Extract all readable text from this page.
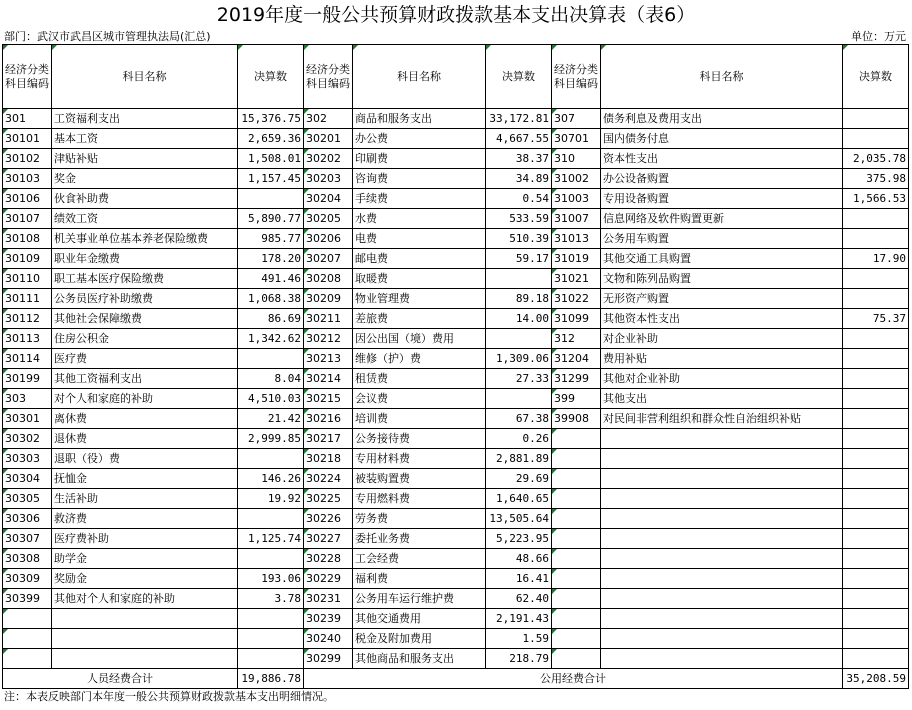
2019年度一般公共预算财政拨款基本支出决算表（表6）
部门：武汉市武昌区城市管理执法局(汇总)	单位：万元
经济分类科目编码	科目名称	决算数	经济分类科目编码	科目名称	决算数	经济分类科目编码	科目名称	决算数
301	工资福利支出	15,376.75	302	商品和服务支出	33,172.81	307	债务利息及费用支出	
30101	基本工资	2,659.36	30201	办公费	4,667.55	30701	国内债务付息	
30102	津贴补贴	1,508.01	30202	印刷费	38.37	310	资本性支出	2,035.78
30103	奖金	1,157.45	30203	咨询费	34.89	31002	办公设备购置	375.98
30106	伙食补助费		30204	手续费	0.54	31003	专用设备购置	1,566.53
30107	绩效工资	5,890.77	30205	水费	533.59	31007	信息网络及软件购置更新	
30108	机关事业单位基本养老保险缴费	985.77	30206	电费	510.39	31013	公务用车购置	
30109	职业年金缴费	178.20	30207	邮电费	59.17	31019	其他交通工具购置	17.90
30110	职工基本医疗保险缴费	491.46	30208	取暖费		31021	文物和陈列品购置	
30111	公务员医疗补助缴费	1,068.38	30209	物业管理费	89.18	31022	无形资产购置	
30112	其他社会保障缴费	86.69	30211	差旅费	14.00	31099	其他资本性支出	75.37
30113	住房公积金	1,342.62	30212	因公出国（境）费用		312	对企业补助	
30114	医疗费		30213	维修（护）费	1,309.06	31204	费用补贴	
30199	其他工资福利支出	8.04	30214	租赁费	27.33	31299	其他对企业补助	
303	对个人和家庭的补助	4,510.03	30215	会议费		399	其他支出	
30301	离休费	21.42	30216	培训费	67.38	39908	对民间非营利组织和群众性自治组织补贴	
30302	退休费	2,999.85	30217	公务接待费	0.26			
30303	退职（役）费		30218	专用材料费	2,881.89			
30304	抚恤金	146.26	30224	被装购置费	29.69			
30305	生活补助	19.92	30225	专用燃料费	1,640.65			
30306	救济费		30226	劳务费	13,505.64			
30307	医疗费补助	1,125.74	30227	委托业务费	5,223.95			
30308	助学金		30228	工会经费	48.66			
30309	奖励金	193.06	30229	福利费	16.41			
30399	其他对个人和家庭的补助	3.78	30231	公务用车运行维护费	62.40			
			30239	其他交通费用	2,191.43			
			30240	税金及附加费用	1.59			
			30299	其他商品和服务支出	218.79			
人员经费合计		19,886.78	公用经费合计					35,208.59
注：本表反映部门本年度一般公共预算财政拨款基本支出明细情况。
